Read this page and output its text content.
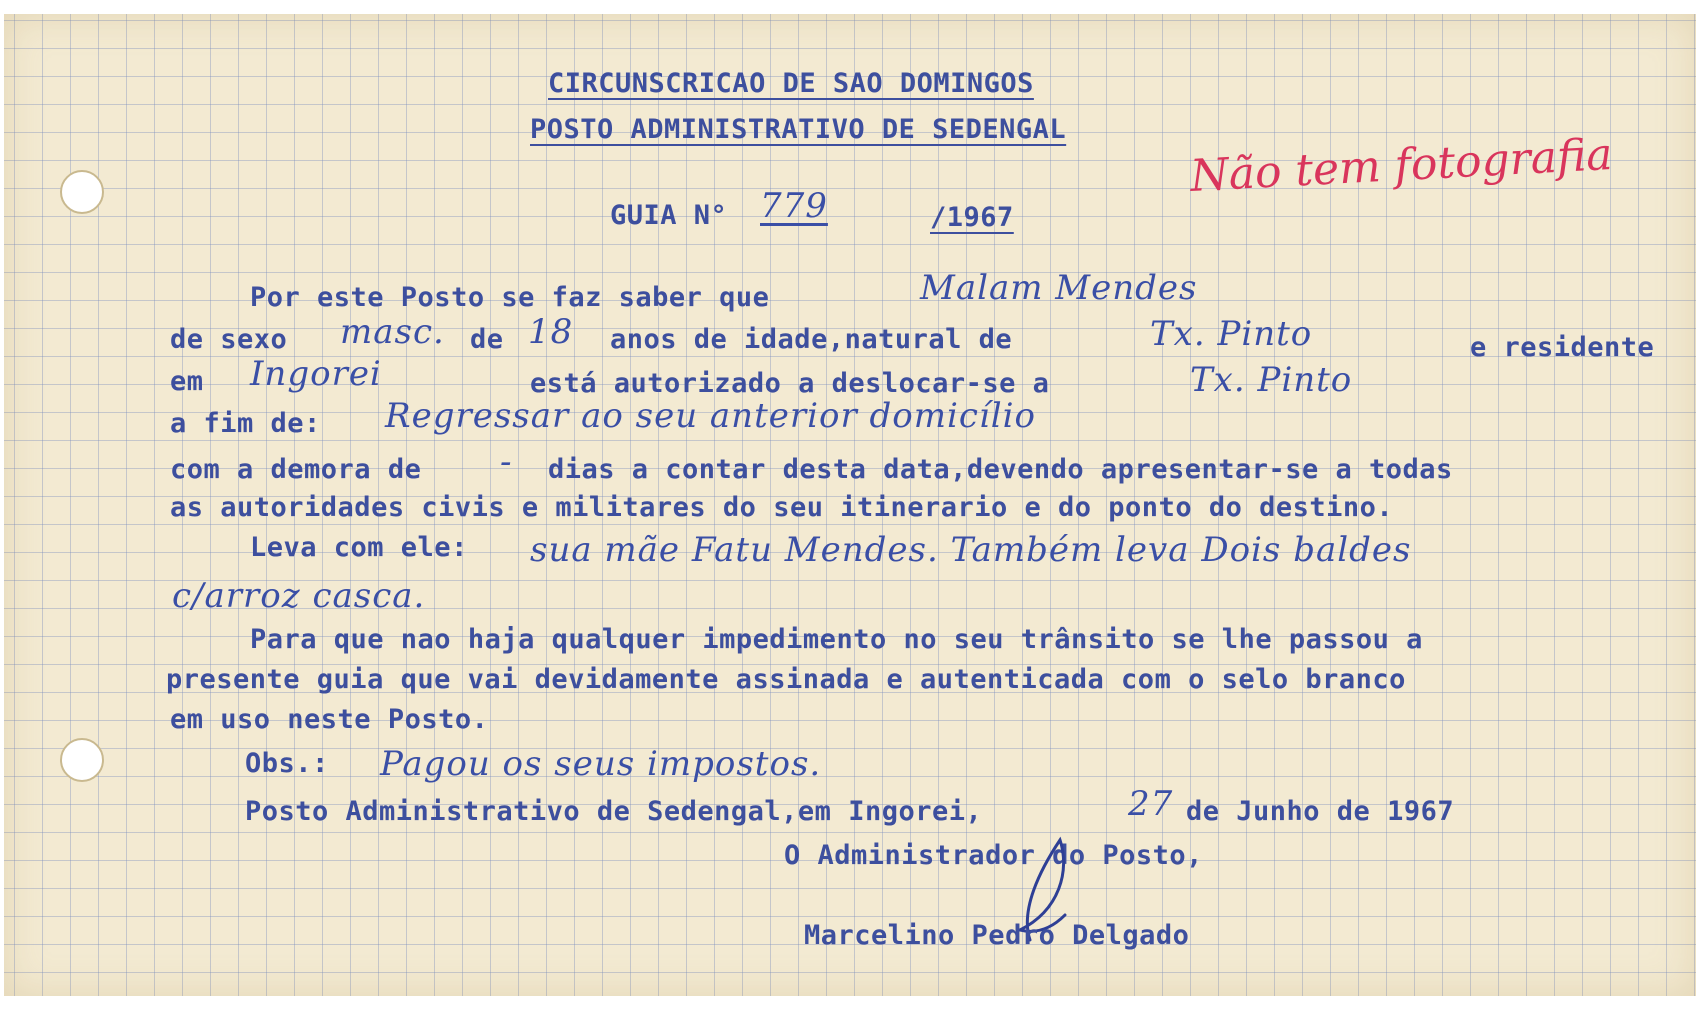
CIRCUNSCRICAO DE SAO DOMINGOS
POSTO ADMINISTRATIVO DE SEDENGAL	Não tem fotografia
GUIA N° 779	/1967
Por este Posto se faz saber que	Malam Mendes
de sexo masc. de 18 anos de idade,natural de	Tx. Pinto	e residente
em Ingorei	está autorizado a deslocar-se a	Tx. Pinto
a fim de: Regressar ao seu anterior domicílio
com a demora de - dias a contar desta data,devendo apresentar-se a todas
as autoridades civis e militares do seu itinerario e do ponto do destino.
Leva com ele: sua mãe Fatu Mendes. Também leva Dois baldes
c/arroz casca.
Para que nao haja qualquer impedimento no seu trânsito se lhe passou a
presente guia que vai devidamente assinada e autenticada com o selo branco
em uso neste Posto.
Obs.: Pagou os seus impostos.
Posto Administrativo de Sedengal,em Ingorei,	27 de Junho de 1967
O Administrador do Posto,
Marcelino Pedro Delgado
